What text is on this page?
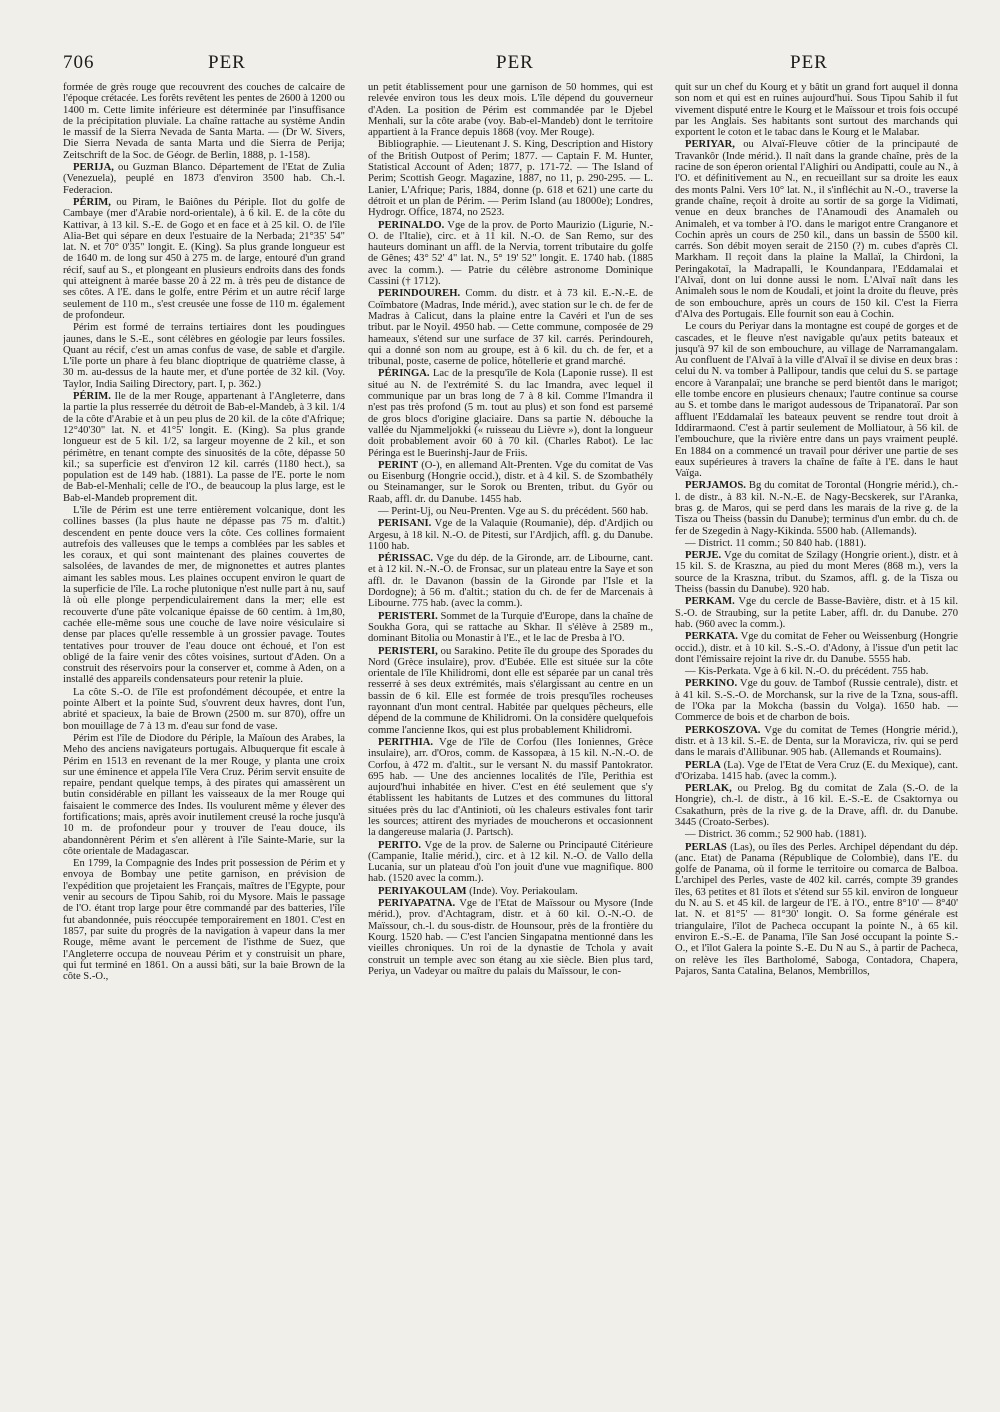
706	PER	PER	PER

formée de grès rouge que recouvrent des couches de calcaire de l'époque crétacée. Les forêts revêtent les pentes de 2600 à 1200 ou 1400 m. Cette limite inférieure est déterminée par l'insuffisance de la précipitation pluviale. La chaîne rattache au système Andin le massif de la Sierra Nevada de Santa Marta. — (Dr W. Sivers, Die Sierra Nevada de santa Marta und die Sierra de Perija; Zeitschrift de la Soc. de Géogr. de Berlin, 1888, p. 1-158).

PERIJA, ou Guzman Blanco. Département de l'Etat de Zulia (Venezuela), peuplé en 1873 d'environ 3500 hab. Ch.-l. Federacion.

PÉRIM, ou Piram, le Baiônes du Périple. Ilot du golfe de Cambaye (mer d'Arabie nord-orientale), à 6 kil. E. de la côte du Kattivar, à 13 kil. S.-E. de Gogo et en face et à 25 kil. O. de l'île Alia-Bet qui sépare en deux l'estuaire de la Nerbada; 21°35' 54" lat. N. et 70° 0'35" longit. E. (King). Sa plus grande longueur est de 1640 m. de long sur 450 à 275 m. de large, entouré d'un grand récif, sauf au S., et plongeant en plusieurs endroits dans des fonds qui atteignent à marée basse 20 à 22 m. à très peu de distance de ses côtes. A l'E. dans le golfe, entre Périm et un autre récif large seulement de 110 m., s'est creusée une fosse de 110 m. également de profondeur.

Périm est formé de terrains tertiaires dont les poudingues jaunes, dans le S.-E., sont célèbres en géologie par leurs fossiles. Quant au récif, c'est un amas confus de vase, de sable et d'argile. L'île porte un phare à feu blanc dioptrique de quatrième classe, à 30 m. au-dessus de la haute mer, et d'une portée de 32 kil. (Voy. Taylor, India Sailing Directory, part. I, p. 362.)

PÉRIM. Ile de la mer Rouge, appartenant à l'Angleterre, dans la partie la plus resserrée du détroit de Bab-el-Mandeb, à 3 kil. 1/4 de la côte d'Arabie et à un peu plus de 20 kil. de la côte d'Afrique; 12°40'30" lat. N. et 41°5' longit. E. (King). Sa plus grande longueur est de 5 kil. 1/2, sa largeur moyenne de 2 kil., et son périmètre, en tenant compte des sinuosités de la côte, dépasse 50 kil.; sa superficie est d'environ 12 kil. carrés (1180 hect.), sa population est de 149 hab. (1881). La passe de l'E. porte le nom de Bab-el-Menhali; celle de l'O., de beaucoup la plus large, est le Bab-el-Mandeb proprement dit.

L'île de Périm est une terre entièrement volcanique, dont les collines basses (la plus haute ne dépasse pas 75 m. d'altit.) descendent en pente douce vers la côte. Ces collines formaient autrefois des valleuses que le temps a comblées par les sables et les coraux, et qui sont maintenant des plaines couvertes de salsolées, de lavandes de mer, de mignonettes et autres plantes aimant les sables mous. Les plaines occupent environ le quart de la superficie de l'île. La roche plutonique n'est nulle part à nu, sauf là où elle plonge perpendiculairement dans la mer; elle est recouverte d'une pâte volcanique épaisse de 60 centim. à 1m,80, cachée elle-même sous une couche de lave noire vésiculaire si dense par places qu'elle ressemble à un grossier pavage. Toutes tentatives pour trouver de l'eau douce ont échoué, et l'on est obligé de la faire venir des côtes voisines, surtout d'Aden. On a construit des réservoirs pour la conserver et, comme à Aden, on a installé des appareils condensateurs pour retenir la pluie.

La côte S.-O. de l'île est profondément découpée, et entre la pointe Albert et la pointe Sud, s'ouvrent deux havres, dont l'un, abrité et spacieux, la baie de Brown (2500 m. sur 870), offre un bon mouillage de 7 à 13 m. d'eau sur fond de vase.

Périm est l'île de Diodore du Périple, la Maïoun des Arabes, la Meho des anciens navigateurs portugais. Albuquerque fit escale à Périm en 1513 en revenant de la mer Rouge, y planta une croix sur une éminence et appela l'île Vera Cruz. Périm servit ensuite de repaire, pendant quelque temps, à des pirates qui amassèrent un butin considérable en pillant les vaisseaux de la mer Rouge qui faisaient le commerce des Indes. Ils voulurent même y élever des fortifications; mais, après avoir inutilement creusé la roche jusqu'à 10 m. de profondeur pour y trouver de l'eau douce, ils abandonnèrent Périm et s'en allèrent à l'île Sainte-Marie, sur la côte orientale de Madagascar.

En 1799, la Compagnie des Indes prit possession de Périm et y envoya de Bombay une petite garnison, en prévision de l'expédition que projetaient les Français, maîtres de l'Egypte, pour venir au secours de Tipou Sahib, roi du Mysore. Mais le passage de l'O. étant trop large pour être commandé par des batteries, l'île fut abandonnée, puis réoccupée temporairement en 1801. C'est en 1857, par suite du progrès de la navigation à vapeur dans la mer Rouge, même avant le percement de l'isthme de Suez, que l'Angleterre occupa de nouveau Périm et y construisit un phare, qui fut terminé en 1861. On a aussi bâti, sur la baie Brown de la côte S.-O.,

un petit établissement pour une garnison de 50 hommes, qui est relevée environ tous les deux mois. L'île dépend du gouverneur d'Aden. La position de Périm est commandée par le Djebel Menhali, sur la côte arabe (voy. Bab-el-Mandeb) dont le territoire appartient à la France depuis 1868 (voy. Mer Rouge).

Bibliographie. — Lieutenant J. S. King, Description and History of the British Outpost of Perim; 1877. — Captain F. M. Hunter, Statistical Account of Aden; 1877, p. 171-72. — The Island of Perim; Scottish Geogr. Magazine, 1887, no 11, p. 290-295. — L. Lanier, L'Afrique; Paris, 1884, donne (p. 618 et 621) une carte du détroit et un plan de Périm. — Perim Island (au 18000e); Londres, Hydrogr. Office, 1874, no 2523.

PERINALDO. Vge de la prov. de Porto Maurizio (Ligurie, N.-O. de l'Italie), circ. et à 11 kil. N.-O. de San Remo, sur des hauteurs dominant un affl. de la Nervia, torrent tributaire du golfe de Gênes; 43° 52' 4" lat. N., 5° 19' 52" longit. E. 1740 hab. (1885 avec la comm.). — Patrie du célèbre astronome Dominique Cassini († 1712).

PERINDOUREH. Comm. du distr. et à 73 kil. E.-N.-E. de Coïmbatore (Madras, Inde mérid.), avec station sur le ch. de fer de Madras à Calicut, dans la plaine entre la Cavéri et l'un de ses tribut. par le Noyil. 4950 hab. — Cette commune, composée de 29 hameaux, s'étend sur une surface de 37 kil. carrés. Perindoureh, qui a donné son nom au groupe, est à 6 kil. du ch. de fer, et a tribunal, poste, caserne de police, hôtellerie et grand marché.

PÉRINGA. Lac de la presqu'île de Kola (Laponie russe). Il est situé au N. de l'extrémité S. du lac Imandra, avec lequel il communique par un bras long de 7 à 8 kil. Comme l'Imandra il n'est pas très profond (5 m. tout au plus) et son fond est parsemé de gros blocs d'origine glaciaire. Dans sa partie N. débouche la vallée du Njammeljokki (« ruisseau du Lièvre »), dont la longueur doit probablement avoir 60 à 70 kil. (Charles Rabot). Le lac Péringa est le Buerinshj-Jaur de Friis.

PERINT (O-), en allemand Alt-Prenten. Vge du comitat de Vas ou Eisenburg (Hongrie occid.), distr. et à 4 kil. S. de Szombathély ou Steinamanger, sur le Sorok ou Brenten, tribut. du Györ ou Raab, affl. dr. du Danube. 1455 hab.

— Perint-Uj, ou Neu-Prenten. Vge au S. du précédent. 560 hab.

PERISANI. Vge de la Valaquie (Roumanie), dép. d'Ardjich ou Argesu, à 18 kil. N.-O. de Pitesti, sur l'Ardjich, affl. g. du Danube. 1100 hab.

PÉRISSAC. Vge du dép. de la Gironde, arr. de Libourne, cant. et à 12 kil. N.-N.-O. de Fronsac, sur un plateau entre la Saye et son affl. dr. le Davanon (bassin de la Gironde par l'Isle et la Dordogne); à 56 m. d'altit.; station du ch. de fer de Marcenais à Libourne. 775 hab. (avec la comm.).

PERISTERI. Sommet de la Turquie d'Europe, dans la chaîne de Soukha Gora, qui se rattache au Skhar. Il s'élève à 2589 m., dominant Bitolia ou Monastir à l'E., et le lac de Presba à l'O.

PERISTERI, ou Sarakino. Petite île du groupe des Sporades du Nord (Grèce insulaire), prov. d'Eubée. Elle est située sur la côte orientale de l'île Khilidromi, dont elle est séparée par un canal très resserré à ses deux extrémités, mais s'élargissant au centre en un bassin de 6 kil. Elle est formée de trois presqu'îles rocheuses rayonnant d'un mont central. Habitée par quelques pêcheurs, elle dépend de la commune de Khilidromi. On la considère quelquefois comme l'ancienne Ikos, qui est plus probablement Khilidromi.

PERITHIA. Vge de l'île de Corfou (Iles Ioniennes, Grèce insulaire), arr. d'Oros, comm. de Kassopæa, à 15 kil. N.-N.-O. de Corfou, à 472 m. d'altit., sur le versant N. du massif Pantokrator. 695 hab. — Une des anciennes localités de l'île, Perithia est aujourd'hui inhabitée en hiver. C'est en été seulement que s'y établissent les habitants de Lutzes et des communes du littoral situées près du lac d'Antinioti, où les chaleurs estivales font tarir les sources; attirent des myriades de moucherons et occasionnent la dangereuse malaria (J. Partsch).

PERITO. Vge de la prov. de Salerne ou Principauté Citérieure (Campanie, Italie mérid.), circ. et à 12 kil. N.-O. de Vallo della Lucania, sur un plateau d'où l'on jouit d'une vue magnifique. 800 hab. (1520 avec la comm.).

PERIYAKOULAM (Inde). Voy. Periakoulam.

PERIYAPATNA. Vge de l'Etat de Maïssour ou Mysore (Inde mérid.), prov. d'Achtagram, distr. et à 60 kil. O.-N.-O. de Maïssour, ch.-l. du sous-distr. de Hounsour, près de la frontière du Kourg. 1520 hab. — C'est l'ancien Singapatna mentionné dans les vieilles chroniques. Un roi de la dynastie de Tchola y avait construit un temple avec son étang au xie siècle. Bien plus tard, Periya, un Vadeyar ou maître du palais du Maïssour, le con-

quit sur un chef du Kourg et y bâtit un grand fort auquel il donna son nom et qui est en ruines aujourd'hui. Sous Tipou Sahib il fut vivement disputé entre le Kourg et le Maïssour et trois fois occupé par les Anglais. Ses habitants sont surtout des marchands qui exportent le coton et le tabac dans le Kourg et le Malabar.

PERIYAR, ou Alvaï-Fleuve côtier de la principauté de Travankôr (Inde mérid.). Il naît dans la grande chaîne, près de la racine de son éperon oriental l'Alighiri ou Andipatti, coule au N., à l'O. et définitivement au N., en recueillant sur sa droite les eaux des monts Palni. Vers 10° lat. N., il s'infléchit au N.-O., traverse la grande chaîne, reçoit à droite au sortir de sa gorge la Vidimati, venue en deux branches de l'Anamoudi des Anamaleh ou Animaleh, et va tomber à l'O. dans le marigot entre Cranganore et Cochin après un cours de 250 kil., dans un bassin de 5500 kil. carrés. Son débit moyen serait de 2150 (?) m. cubes d'après Cl. Markham. Il reçoit dans la plaine la Mallaï, la Chirdoni, la Peringakotaï, la Madrapalli, le Koundanpara, l'Eddamalai et l'Alvaï, dont on lui donne aussi le nom. L'Alvaï naît dans les Animaleh sous le nom de Koudali, et joint la droite du fleuve, près de son embouchure, après un cours de 150 kil. C'est la Fierra d'Alva des Portugais. Elle fournit son eau à Cochin.

Le cours du Periyar dans la montagne est coupé de gorges et de cascades, et le fleuve n'est navigable qu'aux petits bateaux et jusqu'à 97 kil de son embouchure, au village de Narramangalam. Au confluent de l'Alvaï à la ville d'Alvaï il se divise en deux bras : celui du N. va tomber à Pallipour, tandis que celui du S. se partage encore à Varanpalaï; une branche se perd bientôt dans le marigot; elle tombe encore en plusieurs chenaux; l'autre continue sa course au S. et tombe dans le marigot audessous de Tripanatoraï. Par son affluent l'Eddamalaï les bateaux peuvent se rendre tout droit à Iddirarmaond. C'est à partir seulement de Molliatour, à 56 kil. de l'embouchure, que la rivière entre dans un pays vraiment peuplé. En 1884 on a commencé un travail pour dériver une partie de ses eaux supérieures à travers la chaîne de faîte à l'E. dans le haut Vaïga.

PERJAMOS. Bg du comitat de Torontal (Hongrie mérid.), ch.-l. de distr., à 83 kil. N.-N.-E. de Nagy-Becskerek, sur l'Aranka, bras g. de Maros, qui se perd dans les marais de la rive g. de la Tisza ou Theiss (bassin du Danube); terminus d'un embr. du ch. de fer de Szegedin à Nagy-Kikinda. 5500 hab. (Allemands).

— District. 11 comm.; 50 840 hab. (1881).

PERJE. Vge du comitat de Szilagy (Hongrie orient.), distr. et à 15 kil. S. de Kraszna, au pied du mont Meres (868 m.), vers la source de la Kraszna, tribut. du Szamos, affl. g. de la Tisza ou Theiss (bassin du Danube). 920 hab.

PERKAM. Vge du cercle de Basse-Bavière, distr. et à 15 kil. S.-O. de Straubing, sur la petite Laber, affl. dr. du Danube. 270 hab. (960 avec la comm.).

PERKATA. Vge du comitat de Feher ou Weissenburg (Hongrie occid.), distr. et à 10 kil. S.-S.-O. d'Adony, à l'issue d'un petit lac dont l'émissaire rejoint la rive dr. du Danube. 5555 hab.

— Kis-Perkata. Vge à 6 kil. N.-O. du précédent. 755 hab.

PERKINO. Vge du gouv. de Tambof (Russie centrale), distr. et à 41 kil. S.-S.-O. de Morchansk, sur la rive de la Tzna, sous-affl. de l'Oka par la Mokcha (bassin du Volga). 1650 hab. — Commerce de bois et de charbon de bois.

PERKOSZOVA. Vge du comitat de Temes (Hongrie mérid.), distr. et à 13 kil. S.-E. de Denta, sur la Moravicza, riv. qui se perd dans le marais d'Allibunar. 905 hab. (Allemands et Roumains).

PERLA (La). Vge de l'Etat de Vera Cruz (E. du Mexique), cant. d'Orizaba. 1415 hab. (avec la comm.).

PERLAK, ou Prelog. Bg du comitat de Zala (S.-O. de la Hongrie), ch.-l. de distr., à 16 kil. E.-S.-E. de Csaktornya ou Csakathurn, près de la rive g. de la Drave, affl. dr. du Danube. 3445 (Croato-Serbes).

— District. 36 comm.; 52 900 hab. (1881).

PERLAS (Las), ou îles des Perles. Archipel dépendant du dép. (anc. Etat) de Panama (République de Colombie), dans l'E. du golfe de Panama, où il forme le territoire ou comarca de Balboa. L'archipel des Perles, vaste de 402 kil. carrés, compte 39 grandes îles, 63 petites et 81 îlots et s'étend sur 55 kil. environ de longueur du N. au S. et 45 kil. de largeur de l'E. à l'O., entre 8°10' — 8°40' lat. N. et 81°5' — 81°30' longit. O. Sa forme générale est triangulaire, l'îlot de Pacheca occupant la pointe N., à 65 kil. environ E.-S.-E. de Panama, l'île San José occupant la pointe S.-O., et l'îlot Galera la pointe S.-E. Du N au S., à partir de Pacheca, on relève les îles Bartholomé, Saboga, Contadora, Chapera, Pajaros, Santa Catalina, Belanos, Membrillos,
